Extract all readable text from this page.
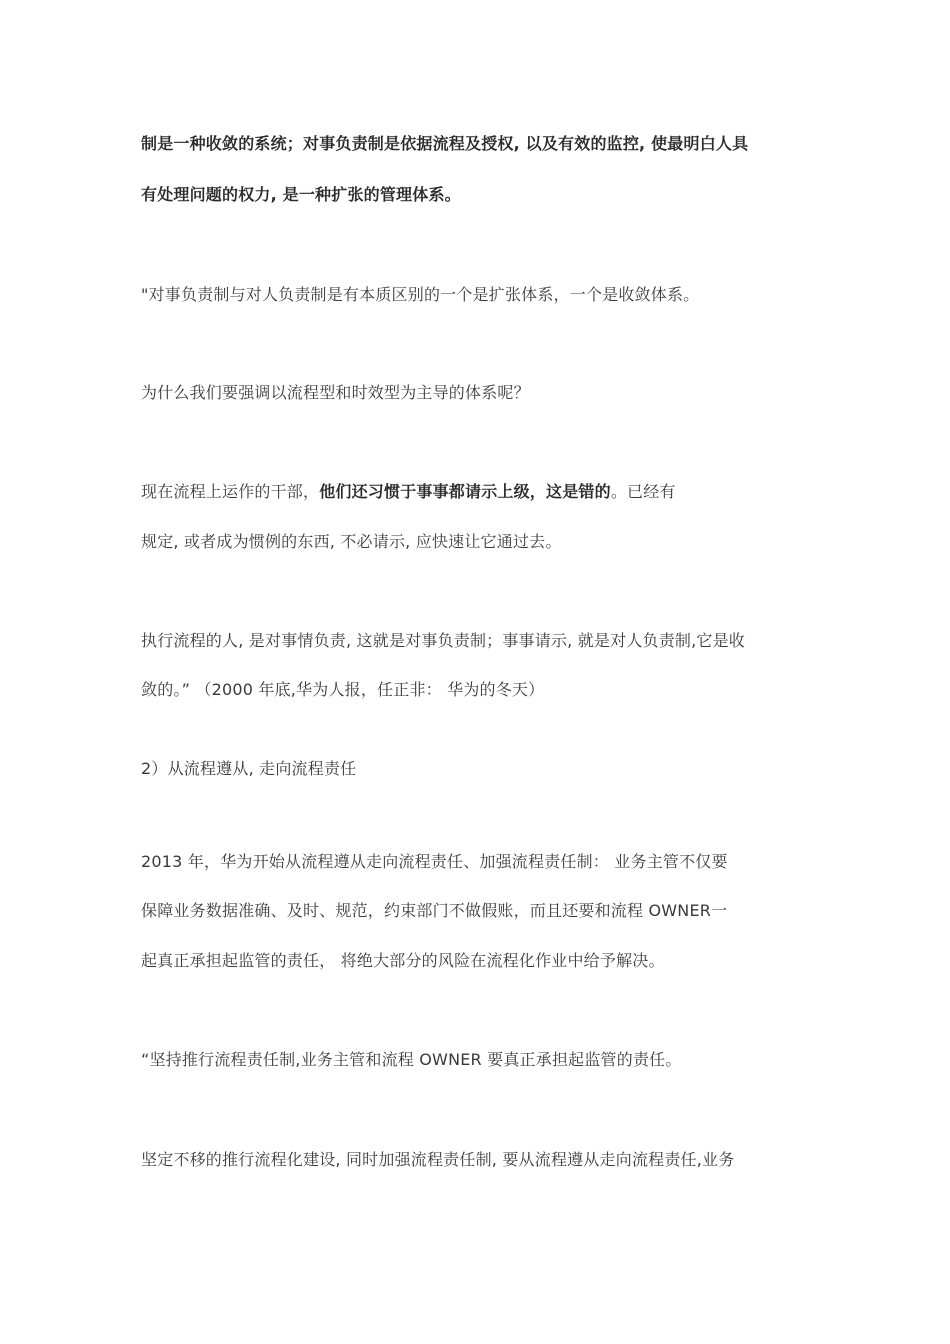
制是一种收敛的系统；对事负责制是依据流程及授权, 以及有效的监控, 使最明白人具
有处理问题的权力, 是一种扩张的管理体系。
"对事负责制与对人负责制是有本质区别的一个是扩张体系，一个是收敛体系。
为什么我们要强调以流程型和时效型为主导的体系呢？
现在流程上运作的干部，他们还习惯于事事都请示上级，这是错的。已经有
规定, 或者成为惯例的东西, 不必请示, 应快速让它通过去。
执行流程的人, 是对事情负责, 这就是对事负责制；事事请示, 就是对人负责制,它是收
敛的。” （2000 年底,华为人报，任正非： 华为的冬天）
2）从流程遵从, 走向流程责任
2013 年，华为开始从流程遵从走向流程责任、加强流程责任制： 业务主管不仅要
保障业务数据准确、及时、规范，约束部门不做假账，而且还要和流程 OWNER一
起真正承担起监管的责任， 将绝大部分的风险在流程化作业中给予解决。
“坚持推行流程责任制,业务主管和流程 OWNER 要真正承担起监管的责任。
坚定不移的推行流程化建设, 同时加强流程责任制, 要从流程遵从走向流程责任,业务
